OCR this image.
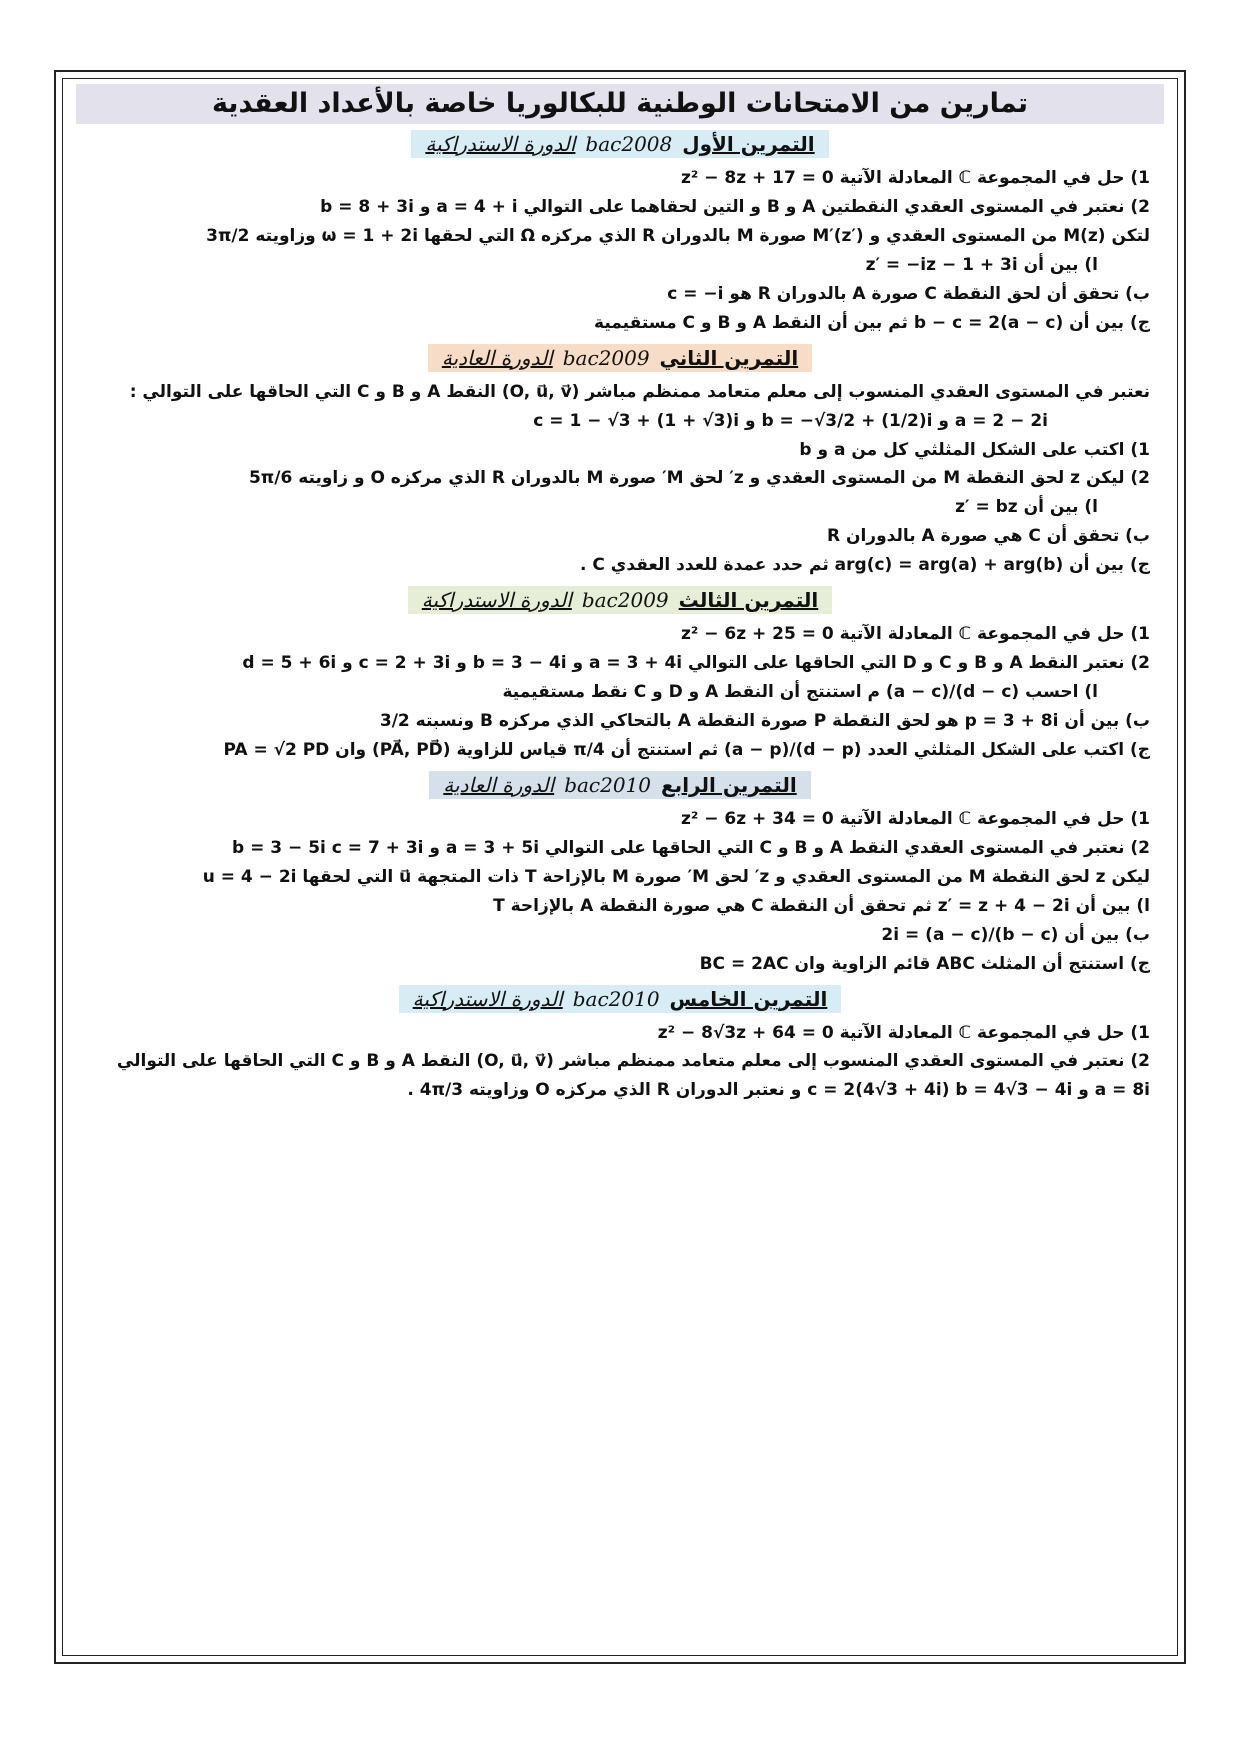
تمارين من الامتحانات الوطنية للبكالوريا خاصة بالأعداد العقدية
التمرين الأول
bac2008
الدورة الاستدراكية
1) حل في المجموعة ℂ المعادلة الآتية z² − 8z + 17 = 0
2) نعتبر في المستوى العقدي النقطتين A و B و التين لحقاهما على التوالي a = 4 + i و b = 8 + 3i
لتكن M(z) من المستوى العقدي و M′(z′) صورة M بالدوران R الذي مركزه Ω التي لحقها ω = 1 + 2i وزاويته 3π/2
ا) بين أن z′ = −iz − 1 + 3i
ب) تحقق أن لحق النقطة C صورة A بالدوران R هو c = −i
ج) بين أن b − c = 2(a − c) ثم بين أن النقط A و B و C مستقيمية
التمرين الثاني
bac2009
الدورة العادية
نعتبر في المستوى العقدي المنسوب إلى معلم متعامد ممنظم مباشر (O, u⃗, v⃗) النقط A و B و C التي الحاقها على التوالي :
a = 2 − 2i و b = −√3/2 + (1/2)i و c = 1 − √3 + (1 + √3)i
1) اكتب على الشكل المثلثي كل من a و b
2) ليكن z لحق النقطة M من المستوى العقدي و z′ لحق M′ صورة M بالدوران R الذي مركزه O و زاويته 5π/6
ا) بين أن z′ = bz
ب) تحقق أن C هي صورة A بالدوران R
ج) بين أن arg(c) = arg(a) + arg(b) ثم حدد عمدة للعدد العقدي C .
التمرين الثالث
bac2009
الدورة الاستدراكية
1) حل في المجموعة ℂ المعادلة الآتية z² − 6z + 25 = 0
2) نعتبر النقط A و B و C و D التي الحاقها على التوالي a = 3 + 4i و b = 3 − 4i و c = 2 + 3i و d = 5 + 6i
ا) احسب (d − c)/(a − c) م استنتج أن النقط A و D و C نقط مستقيمية
ب) بين أن p = 3 + 8i هو لحق النقطة P صورة النقطة A بالتحاكي الذي مركزه B ونسبته 3/2
ج) اكتب على الشكل المثلثي العدد (d − p)/(a − p) ثم استنتج أن π/4 قياس للزاوية (PA⃗, PD⃗) وان PA = √2 PD
التمرين الرابع
bac2010
الدورة العادية
1) حل في المجموعة ℂ المعادلة الآتية z² − 6z + 34 = 0
2) نعتبر في المستوى العقدي النقط A و B و C التي الحاقها على التوالي a = 3 + 5i و b = 3 − 5i c = 7 + 3i
ليكن z لحق النقطة M من المستوى العقدي و z′ لحق M′ صورة M بالإزاحة T ذات المتجهة u⃗ التي لحقها u = 4 − 2i
ا) بين أن z′ = z + 4 − 2i ثم تحقق أن النقطة C هي صورة النقطة A بالإزاحة T
ب) بين أن (b − c)/(a − c) = 2i
ج) استنتج أن المثلث ABC قائم الزاوية وان BC = 2AC
التمرين الخامس
bac2010
الدورة الاستدراكية
1) حل في المجموعة ℂ المعادلة الآتية z² − 8√3z + 64 = 0
2) نعتبر في المستوى العقدي المنسوب إلى معلم متعامد ممنظم مباشر (O, u⃗, v⃗) النقط A و B و C التي الحاقها على التوالي
a = 8i و c = 2(4√3 + 4i) b = 4√3 − 4i و نعتبر الدوران R الذي مركزه O وزاويته 4π/3 .
